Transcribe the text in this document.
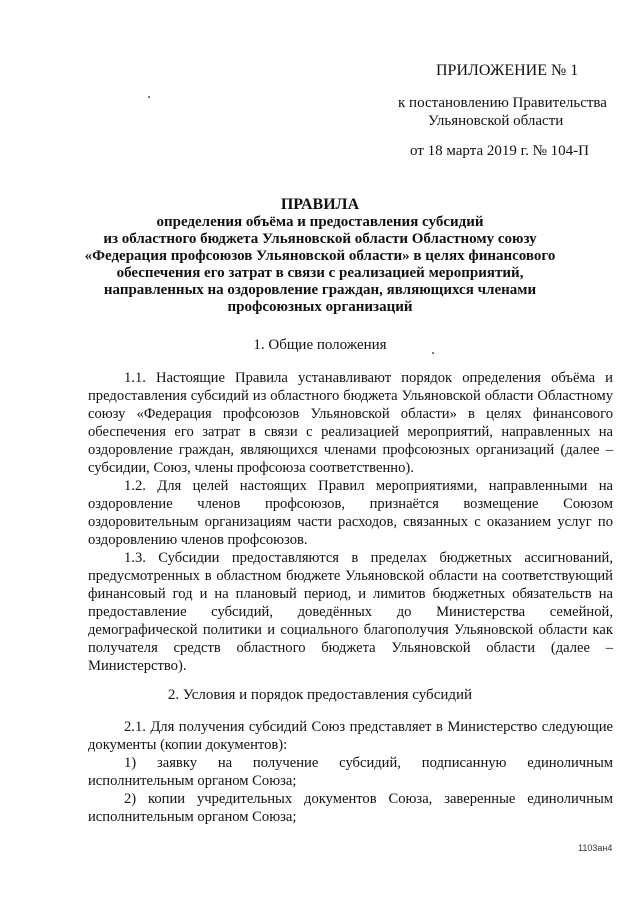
ПРИЛОЖЕНИЕ № 1
к постановлению Правительства
Ульяновской области
от 18 марта 2019 г. № 104-П
ПРАВИЛА
определения объёма и предоставления субсидий
из областного бюджета Ульяновской области Областному союзу
«Федерация профсоюзов Ульяновской области» в целях финансового
обеспечения его затрат в связи с реализацией мероприятий,
направленных на оздоровление граждан, являющихся членами
профсоюзных организаций
1. Общие положения

1.1. Настоящие Правила устанавливают порядок определения объёма и предоставления субсидий из областного бюджета Ульяновской области Областному союзу «Федерация профсоюзов Ульяновской области» в целях финансового обеспечения его затрат в связи с реализацией мероприятий, направленных на оздоровление граждан, являющихся членами профсоюзных организаций (далее – субсидии, Союз, члены профсоюза соответственно).

1.2. Для целей настоящих Правил мероприятиями, направленными на оздоровление членов профсоюзов, признаётся возмещение Союзом оздоровительным организациям части расходов, связанных с оказанием услуг по оздоровлению членов профсоюзов.

1.3. Субсидии предоставляются в пределах бюджетных ассигнований, предусмотренных в областном бюджете Ульяновской области на соответствующий финансовый год и на плановый период, и лимитов бюджетных обязательств на предоставление субсидий, доведённых до Министерства семейной, демографической политики и социального благополучия Ульяновской области как получателя средств областного бюджета Ульяновской области (далее – Министерство).

2. Условия и порядок предоставления субсидий

2.1. Для получения субсидий Союз представляет в Министерство следующие документы (копии документов):

1) заявку на получение субсидий, подписанную единоличным исполнительным органом Союза;

2) копии учредительных документов Союза, заверенные единоличным исполнительным органом Союза;

1103ан4
